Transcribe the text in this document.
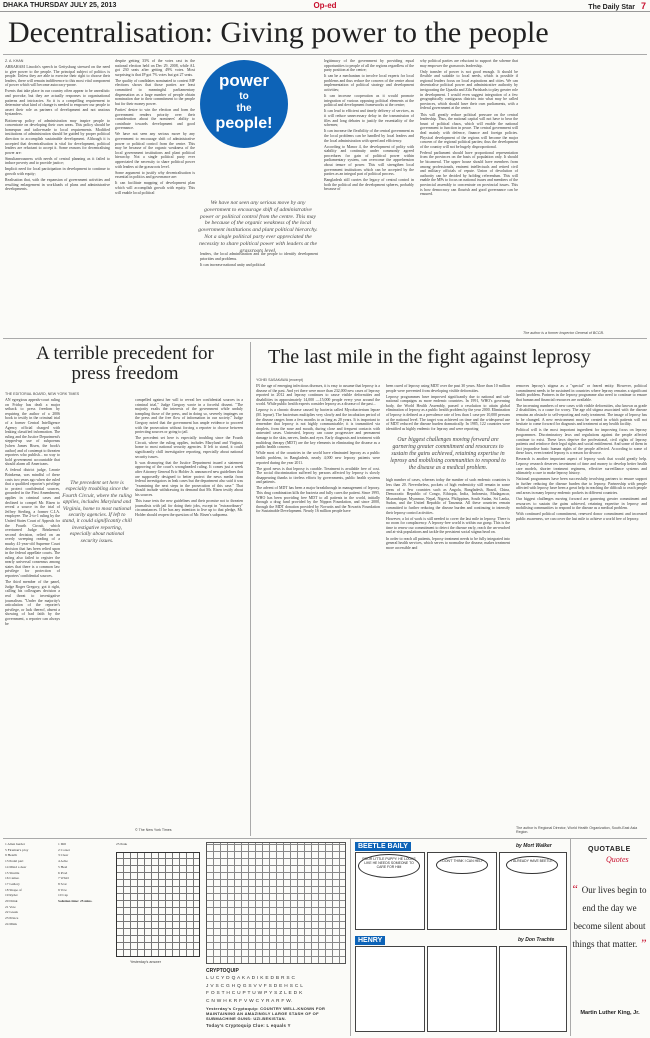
DHAKA THURSDAY JULY 25, 2013	Op-ed	The Daily Star 7
Decentralisation: Giving power to the people
Z. A. KHAN

ABRAHAM Lincoln's speech in Gettysburg stressed on the need to give power to the people. The principal subject of politics is people. Unless they are able to exercise their right to choose their leaders, there will remain indifference to this most vital component of power which will become autocracy-prone.

Events that take place in our country often appear to be unrealistic and provoke, but they are actually responses to organisational patterns and intricacies. So it is a compelling requirement to determine what kind of change is needed to empower our people to assert their role as partners of development and not anxious bystanders.

Bottom-up policy of administration may inspire people to concentrate on developing their own areas. This policy should be homespun and tailor-made to local requirements. Modified institutions of administration should be guided by proper political direction to accomplish sustainable development. Although it is accepted that decentralisation is vital for development, political leaders are reluctant to accept it. Some reasons for decentralising power are:

Simultaneousness with needs of central planning as it failed to induce poverty and to provide justice;

Implicit need for local participation in development to continue to growth with equity;

Realisation that, with the expansion of government activities and resulting enlargement in workloads of plans and administrative developments.

despite getting 33% of the votes cast in the national election held on Dec 29, 2008, while AL got 230 seats after getting 49% votes. Most surprising is that JP got 7% votes but got 27 seats.

The quality of candidates nominated to contest MP elections shows that those parties are least committed to meaningful parliamentary dispensation as a large number of people obtain nomination due to their commitment to the people but for their money power.

Parties' desire to win the election and form the government renders priority over their consideration about the nominees' ability to contribute towards development and good governance.

We have not seen any serious move by any government to encourage shift of administrative power or political control from the centre. This may be because of the organic weakness of the local government institutions and plant political hierarchy. Not a single political party ever appreciated the necessity to share political power with leaders at the grassroots level.

Some argument to justify why decentralisation is essential in politics and governance are:

It can facilitate mapping of development plan which will accomplish growth with equity. This will enable local political

power
to
the
people!
We have not seen any serious move by any government to encourage shift of administrative power or political control from the centre. This may be because of the organic weakness of the local government institutions and plant political hierarchy. Not a single political party ever appreciated the necessity to share political power with leaders at the grassroots level.

legitimacy of the government by providing equal opportunities to people of all the regions regardless of the party position at the centre;

It can be a mechanism to involve local experts for local problems and thus reduce the concern of the centre about implementation of political strategy and development activities;

It can increase cooperation as it would promote integration of various opposing political elements at the political and development frameworks at the centre;

It can lead to efficient and timely delivery of services, as it will reduce unnecessary delay in the transmission of files and long debates to justify the essentiality of the schemes;

It can increase the flexibility of the central government as the local problems can be handled by local leaders and the local administration with speed and efficiency.

According to Manor 4, the development of polity with stability and continuity under commonly agreed procedures for gain of political power within parliamentary system, can overcome the apprehension about tenure of power. This will strengthen local government institutions which can be accepted by the parties as an integral part of political process.

Bangladesh still carries the legacy of central control in both the political and the development spheres, probably because of

why political parties are reluctant to support the scheme that may empower the grassroots leadership.

Only transfer of power is not good enough. It should be flexible and suitable to local needs, which is possible if regional leaders focus on local aspirations and cities. We can decentralise political power and administrative authority by invigorating the Upazila and Zila Parishads to play greater role in development. I would even suggest integration of a few geographically contiguous districts into what may be called provinces, which should have their own parliaments, with a federal government at the centre.

This will greatly reduce political pressure on the central leadership. Thus, the national capital will not have to bear the brunt of political chaos, which will enable the national government to function in peace. The central government will deal mainly with defence, finance and foreign policies. Physical development of the regions will become the major concern of the regional political parties; thus the development of the country will not be hugely disproportional.

Federal parliament should have proportional representation from the provinces on the basis of population only. It should be bicameral. The upper house should have members from among professionals, eminent intellectuals and retired civil and military officials of repute. Union of devolution of authority can be decided by holding referendum. This will enable the MPs to focus on national issues and members of the provincial assembly to concentrate on provincial issues. This is how democracy can flourish and good governance can be ensured.

leaders, the local administration and the people to identify development priorities and problems.

It can increase national unity and political

The author is a former Inspector General of BCCB.
A terrible precedent for press freedom
THE EDITORIAL BOARD, NEW YORK TIMES

AN egregious appeals-court ruling on Friday has dealt a major setback to press freedom by requiring the author of a 2006 book to testify in the criminal trial of a former Central Intelligence Agency official charged with leaking classified information. The ruling and the Justice Department's stepped-up use of subpoenas [when James Risen, the book's author] and of contempt to threaten reporters who publish... no way to hold government accountable that should alarm all Americans.

A federal district judge, Leonie Brinkema, was mindful of these costs two years ago when she ruled that a qualified reporter's privilege to protect confidential sources, grounded in the First Amendment, applies in criminal cases and declined to compel Mr. Risen to reveal a source in the trial of Jeffrey Sterling, a former C.I.A. employee. The 2-to-1 ruling by the United States Court of Appeals for the Fourth Circuit, which overturned Judge Brinkema's second decision, relied on an overly sweeping reading of a murky 41-year-old Supreme Court decision that has been relied upon in the federal appellate courts. The ruling also failed to register the nearly universal consensus among states that there is a common law privilege for protection of reporters' confidential sources.

The third member of the panel, Judge Roger Gregory, got it right, calling his colleagues decision a real threat to investigative journalism. "Under the majority's articulation of the reporter's privilege, or lack thereof, absent a showing of bad faith by the government, a reporter can always be

The precedent set here is especially troubling since the Fourth Circuit, where the ruling applies, includes Maryland and Virginia, home to most national security agencies. If left to stand, it could significantly chill investigative reporting, especially about national security issues.

compelled against her will to reveal her confidential sources in a criminal trial," Judge Gregory wrote in a forceful dissent. "The majority exalts the interests of the government while unduly trampling those of the press, and in doing so, severely impinges on the press and the free flow of information in our society." Judge Gregory noted that the government has ample evidence to proceed with the prosecution without forcing a reporter to choose between protecting sources or going to jail.

The precedent set here is especially troubling since the Fourth Circuit, where the ruling applies, includes Maryland and Virginia, home to most national security agencies. If left to stand, it could significantly chill investigative reporting, especially about national security issues.

It was dismaying that the Justice Department issued a statement approving of the court's wrongheaded ruling. It comes just a week after Attorney General Eric Holder Jr. announced new guidelines that are supposedly designed to better protect the news media from federal investigators in leak cases but the department also said it was "examining the next steps in the prosecution of this case." That should include withdrawing its demand that Mr. Risen testify about his sources.

This issue tests the new guidelines and their promise not to threaten journalists with jail for doing their jobs, except in "extraordinary" circumstances. If he has any intention to live up to that pledge, Mr. Holder should reopen the question of Mr. Risen's subpoena.

© The New York Times
The last mile in the fight against leprosy
YOHEI SASAKAWA (excerpt)

IN the age of emerging infectious diseases, it is easy to assume that leprosy is a disease of the past. And yet there were more than 232,000 new cases of leprosy reported in 2012 and leprosy continues to cause visible deformities and disabilities in approximately 14,000 —15,000 people every year around the world. While public health experts consider leprosy as a disease of the past...

Leprosy is a chronic disease caused by bacteria called Mycobacterium leprae (M. leprae). The bacterium multiplies very slowly and the incubation period of the disease ranges from a few months to as long as 20 years. It is important to remember that leprosy is not highly communicable; it is transmitted via droplets, from the nose and mouth, during close and frequent contacts with untreated cases. Untreated, leprosy can cause progressive and permanent damage to the skin, nerves, limbs and eyes. Early diagnosis and treatment with multidrug therapy (MDT) are the key elements in eliminating the disease as a public health concern.

While most of the countries in the world have eliminated leprosy as a public health problem, in Bangladesh, nearly 4,000 new leprosy patients were reported during the year 2011.

The good news is that leprosy is curable. Treatment is available free of cost. The social discrimination suffered by persons affected by leprosy is slowly disappearing thanks to tireless efforts by governments, public health systems and patients.

The advent of MDT has been a major breakthrough in management of leprosy. This drug combination kills the bacteria and fully cures the patient. Since 1995, WHO has been providing free MDT to all patients in the world, initially through a drug fund provided by the Nippon Foundation, and since 2000, through the MDT donation provided by Novartis and the Novartis Foundation for Sustainable Development. Nearly 16 million people have

been cured of leprosy using MDT over the past 30 years. More than 10 million people were prevented from developing visible deformities.

Leprosy programmes have improved significantly due to national and sub-national campaigns as more endemic countries. In 1991, WHO's governing body, the World Health Assembly, passed a resolution to attain global elimination of leprosy as a public health problem by the year 2000. Elimination of leprosy is defined as a prevalence rate of less than 1 case per 10,000 persons at the national level. The target was achieved on time and the widespread use of MDT reduced the disease burden dramatically. In 1985, 122 countries were identified as highly endemic for leprosy and were reporting

Our biggest challenges moving forward are garnering greater commitment and resources to sustain the gains achieved, retaining expertise in leprosy and mobilising communities to respond to the disease as a medical problem.

high number of cases, whereas today the number of such endemic countries is less than 20. Nevertheless, pockets of high endemicity still remain in some areas of a few countries such as Angola, Bangladesh, Brazil, China, Democratic Republic of Congo, Ethiopia, India, Indonesia, Madagascar, Mozambique, Myanmar, Nepal, Nigeria, Philippines, South Sudan, Sri Lanka, Sudan, and the United Republic of Tanzania. All these countries remain committed to further reducing the disease burden and continuing to intensify their leprosy control activities.

However, a lot of work is still needed to cover the last mile in leprosy. There is no room for complacency. A leprosy-free world is within our grasp. This is the time to renew our commitment to detect the disease early, reach the un-reached and at-risk populations and tackle the persistent social stigma head on.

In order to reach all patients, leprosy treatment needs to be fully integrated into general health services, which serves to normalise the disease, makes treatment more accessible and

removes leprosy's stigma as a "special" or feared entity. However, political commitment needs to be sustained in countries where leprosy remains a significant health problem. Partners in the leprosy programme also need to continue to ensure that human and financial resources are available.

The increasing numbers of new cases with visible deformities, also known as grade 2 disabilities, is a cause for worry. The age old stigma associated with the disease remains an obstacle to self-reporting and early treatment. The image of leprosy has to be changed. A new environment must be created in which patients will not hesitate to come forward for diagnosis and treatment at any health facility.

Political will is the most important ingredient for improving focus on leprosy programmes. Discriminatory laws and regulations against the people affected continue to exist. These laws deprive the professional, civil rights of leprosy patients and reinforce their legal rights and social entitlement. And some of them in fact jeopardise basic human rights of the people affected. According to some of these laws, even treated leprosy is a reason for divorce.

Research is another important aspect of leprosy work that would greatly help. Leprosy research deserves investment of time and money to develop better health care models, shorter treatment regimens, effective surveillance systems and ultimately a cure to make leprosy history.

National programmes have been successfully involving partners to ensure support in further reducing the disease burden due to leprosy. Partnership with people affected with leprosy have been a great help in reaching the difficult to reach people and areas in many leprosy endemic pockets in different countries.

Our biggest challenges moving forward are garnering greater commitment and resources to sustain the gains achieved, retaining expertise in leprosy and mobilising communities to respond to the disease as a medical problem.

With continued political commitment, renewed donor commitment and increased public awareness, we can cover the last mile to achieve a world free of leprosy.

The author is Regional Director, World Health Organization, South-East Asia Region.

1 Alien herder

5 Fireman's ploy

9 Hearth

13 Pedal part

14 Mind a deer

15 Shuttle

16 Cameo

17 Gallery

18 Shape of

19 Ryder

20 Drink

21 Vote

22 Greek

23 Prince

24 Mink

1 Dill

2 Corset

3 Clear

4 Ache

5 Heel

6 Prod

7 Whirl

8 Scar

9 Vow

10 Cap

Solution time: 25 mins.

25 Peak

Yesterday's answer
CRYPTOQUIP

L U C Y D Q A K A D I K E D B R S C

J V S C G H Q G S V V F S D E H S C L

F O S T H C U P T U W P Y S Z L E D K

C N W H K R F V W C Y R A R F W.

Yesterday's Cryptoquip: COUNTRY WELL-KNOWN FOR MAINTAINING AN AMAZINGLY LARGE STASH OF OF SUBMACHINE GUNS: UZI-BEKISTAN.

Today's Cryptoquip Clue: L equals Y

BEETLE BAILY	by Mort Walker
POOR LITTLE PUPPY. HE LOOKS LIKE HE NEEDS SOMEONE TO CARE FOR HIM
I DON'T THINK I CAN HELP	I ALREADY HAVE BEETLE
HENRY	by Don Trachte
QUOTABLE
Quotes
“ Our lives begin to end the day we become silent about things that matter. ”
Martin Luther King, Jr.
